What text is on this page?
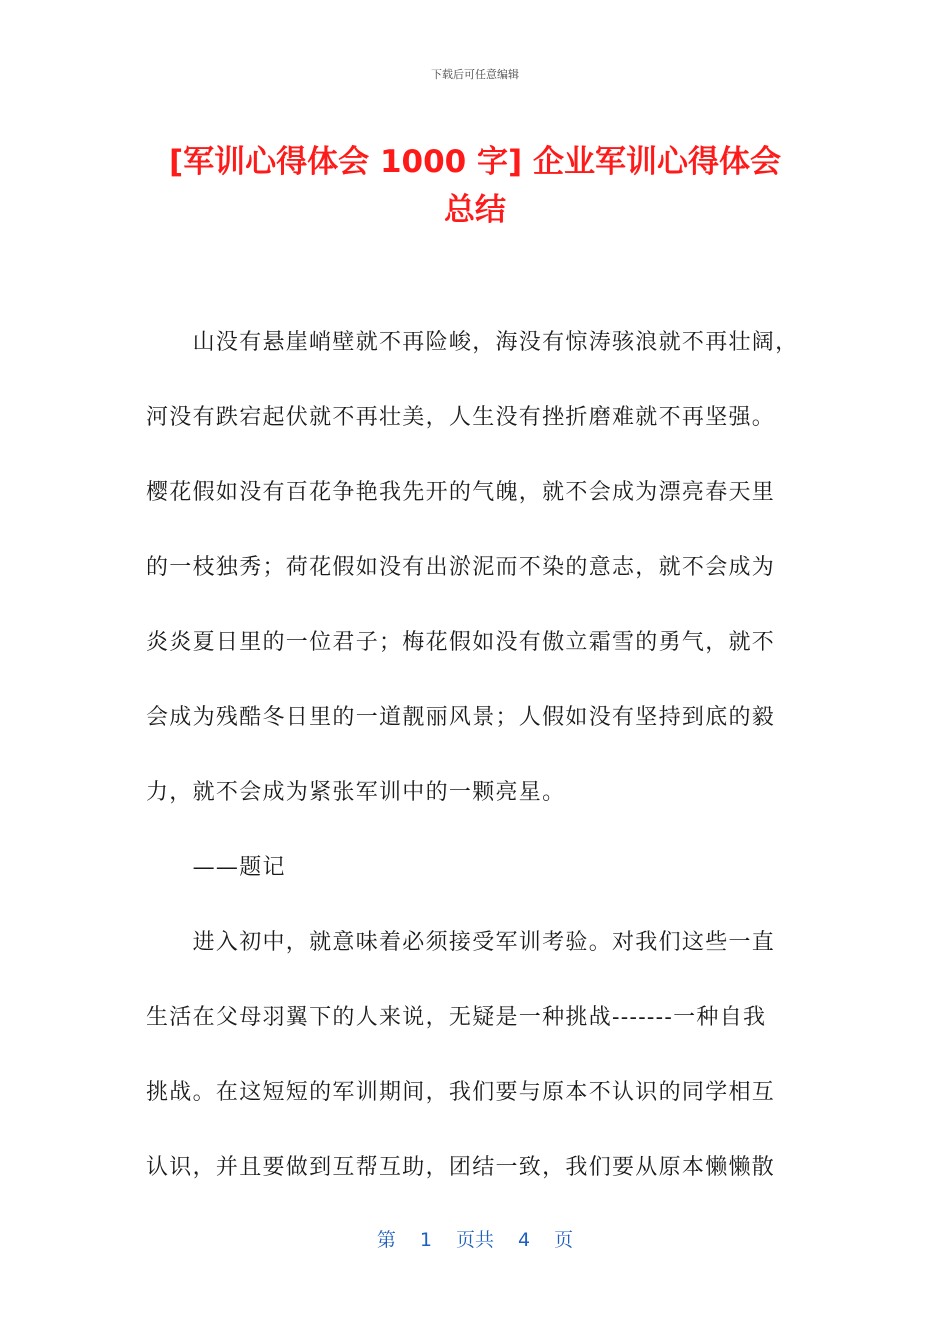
下载后可任意编辑
[军训心得体会 1000 字] 企业军训心得体会
总结
　　山没有悬崖峭壁就不再险峻，海没有惊涛骇浪就不再壮阔，
河没有跌宕起伏就不再壮美，人生没有挫折磨难就不再坚强。
樱花假如没有百花争艳我先开的气魄，就不会成为漂亮春天里
的一枝独秀；荷花假如没有出淤泥而不染的意志，就不会成为
炎炎夏日里的一位君子；梅花假如没有傲立霜雪的勇气，就不
会成为残酷冬日里的一道靓丽风景；人假如没有坚持到底的毅
力，就不会成为紧张军训中的一颗亮星。
　　——题记
　　进入初中，就意味着必须接受军训考验。对我们这些一直
生活在父母羽翼下的人来说，无疑是一种挑战-------一种自我
挑战。在这短短的军训期间，我们要与原本不认识的同学相互
认识，并且要做到互帮互助，团结一致，我们要从原本懒懒散
第 1 页共 4 页
